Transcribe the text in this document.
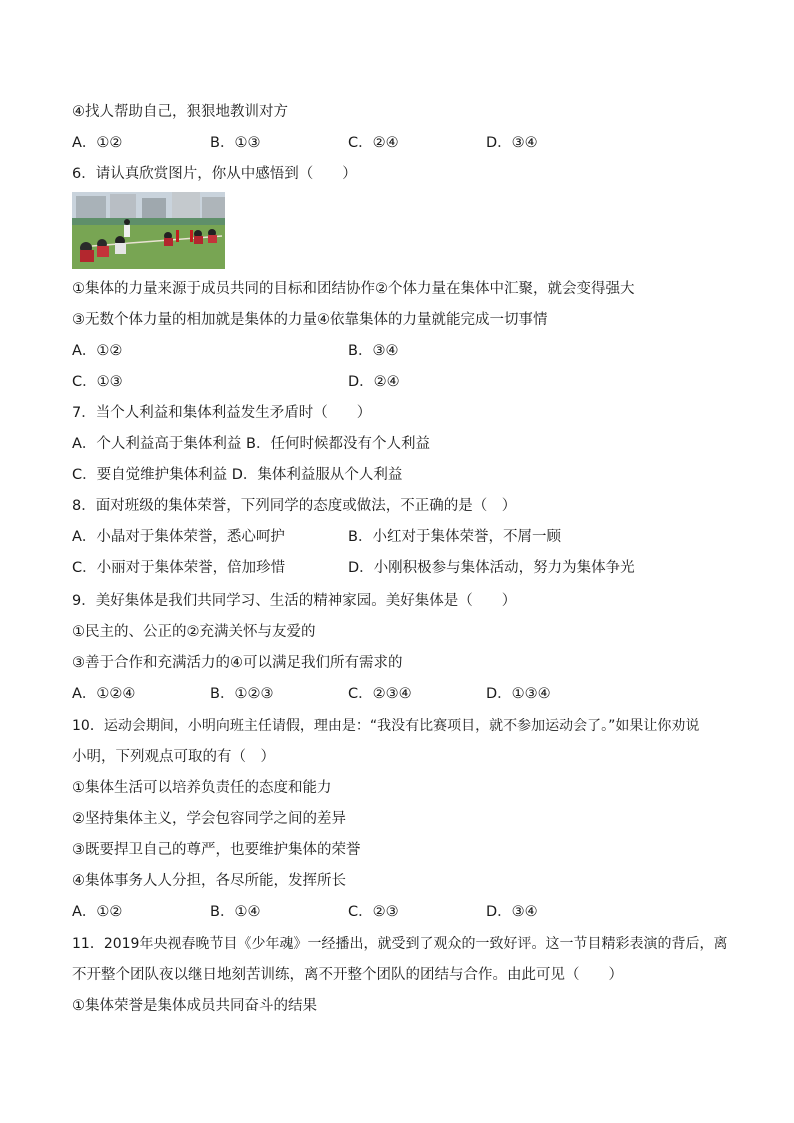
④找人帮助自己，狠狠地教训对方
A．①②	B．①③	C．②④	D．③④
6．请认真欣赏图片，你从中感悟到（　　）
①集体的力量来源于成员共同的目标和团结协作②个体力量在集体中汇聚，就会变得强大
③无数个体力量的相加就是集体的力量④依靠集体的力量就能完成一切事情
A．①②	B．③④
C．①③	D．②④
7．当个人利益和集体利益发生矛盾时（　　）
A．个人利益高于集体利益 B．任何时候都没有个人利益
C．要自觉维护集体利益 D．集体利益服从个人利益
8．面对班级的集体荣誉，下列同学的态度或做法，不正确的是（　）
A．小晶对于集体荣誉，悉心呵护	B．小红对于集体荣誉，不屑一顾
C．小丽对于集体荣誉，倍加珍惜	D．小刚积极参与集体活动，努力为集体争光
9．美好集体是我们共同学习、生活的精神家园。美好集体是（　　）
①民主的、公正的②充满关怀与友爱的
③善于合作和充满活力的④可以满足我们所有需求的
A．①②④	B．①②③	C．②③④	D．①③④
10．运动会期间，小明向班主任请假，理由是：“我没有比赛项目，就不参加运动会了。”如果让你劝说
小明，下列观点可取的有（　）
①集体生活可以培养负责任的态度和能力
②坚持集体主义，学会包容同学之间的差异
③既要捍卫自己的尊严，也要维护集体的荣誉
④集体事务人人分担，各尽所能，发挥所长
A．①②	B．①④	C．②③	D．③④
11．2019年央视春晚节目《少年魂》一经播出，就受到了观众的一致好评。这一节目精彩表演的背后，离
不开整个团队夜以继日地刻苦训练，离不开整个团队的团结与合作。由此可见（　　）
①集体荣誉是集体成员共同奋斗的结果
